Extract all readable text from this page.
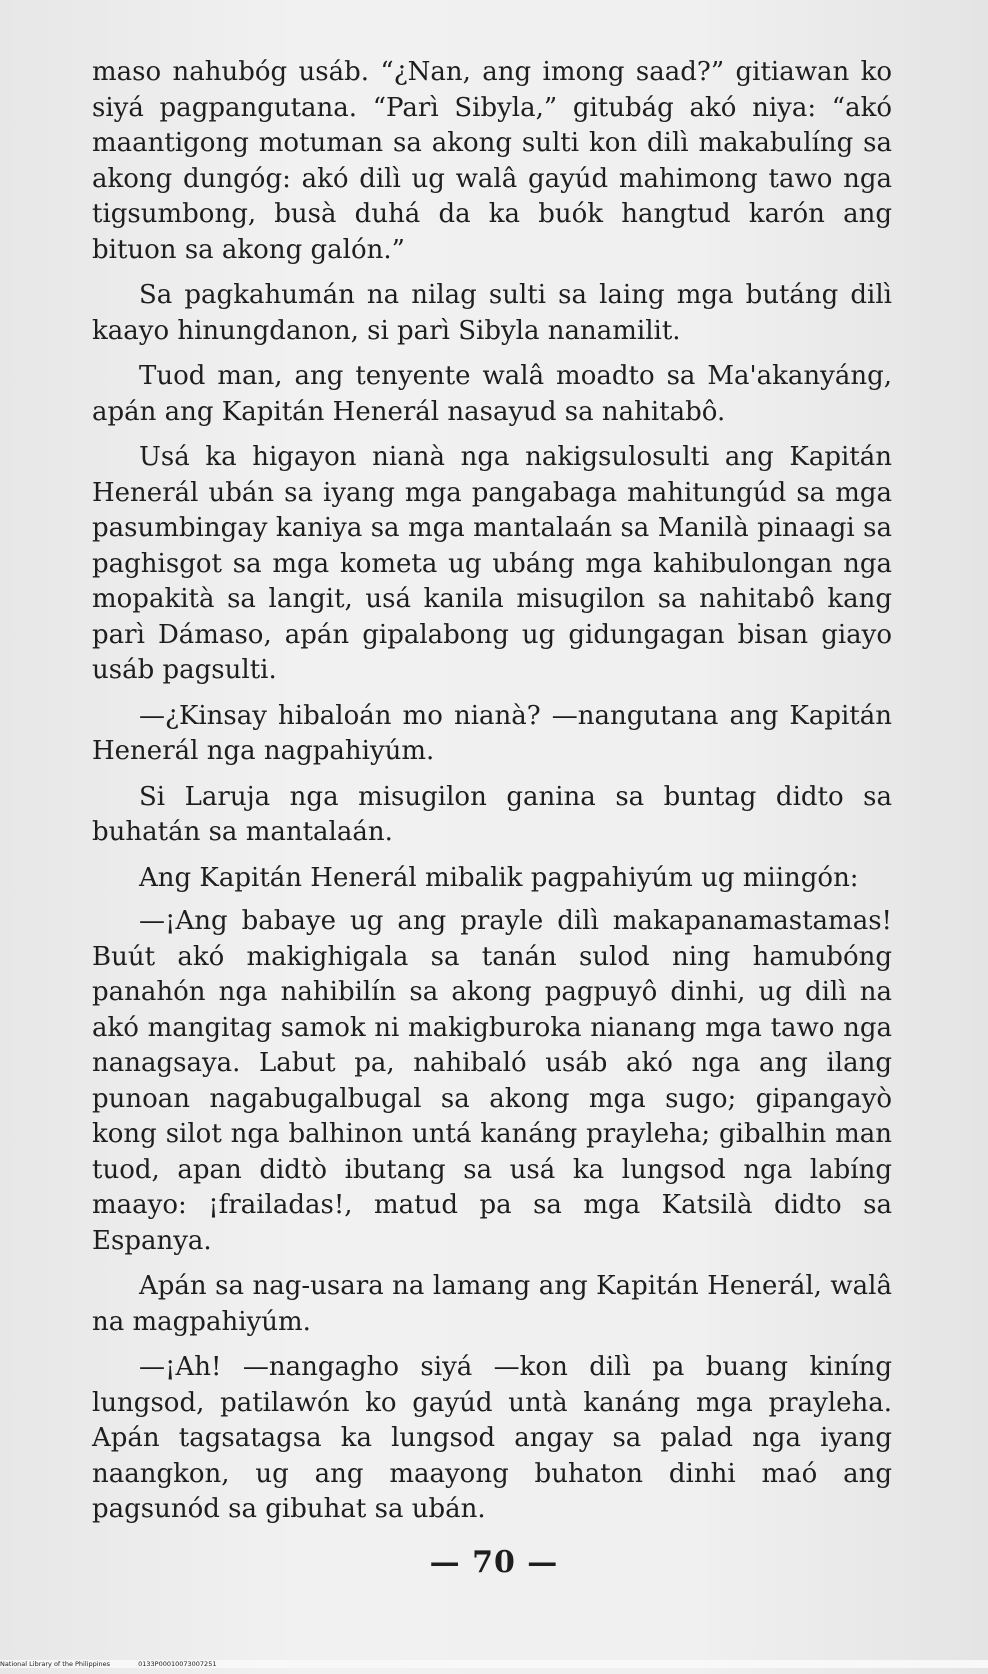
maso nahubóg usáb. “¿Nan, ang imong saad?” gitiawan ko siyá pagpangutana. “Parì Sibyla,” gitubág akó niya: “akó maantigong motuman sa akong sulti kon dilì makabulíng sa akong dungóg: akó dilì ug walâ gayúd mahimong tawo nga tigsumbong, busà duhá da ka buók hangtud karón ang bituon sa akong galón.”

Sa pagkahumán na nilag sulti sa laing mga butáng dilì kaayo hinungdanon, si parì Sibyla nanamilit.

Tuod man, ang tenyente walâ moadto sa Ma'akanyáng, apán ang Kapitán Henerál nasayud sa nahitabô.

Usá ka higayon nianà nga nakigsulosulti ang Kapitán Henerál ubán sa iyang mga pangabaga mahitungúd sa mga pasumbingay kaniya sa mga mantalaán sa Manilà pinaagi sa paghisgot sa mga kometa ug ubáng mga kahibulongan nga mopakità sa langit, usá kanila misugilon sa nahitabô kang parì Dámaso, apán gipalabong ug gidungagan bisan giayo usáb pagsulti.

—¿Kinsay hibaloán mo nianà? —nangutana ang Kapitán Henerál nga nagpahiyúm.

Si Laruja nga misugilon ganina sa buntag didto sa buhatán sa mantalaán.

Ang Kapitán Henerál mibalik pagpahiyúm ug miingón:

—¡Ang babaye ug ang prayle dilì makapanamastamas! Buút akó makighigala sa tanán sulod ning hamubóng panahón nga nahibilín sa akong pagpuyô dinhi, ug dilì na akó mangitag samok ni makigburoka nianang mga tawo nga nanagsaya. Labut pa, nahibaló usáb akó nga ang ilang punoan nagabugalbugal sa akong mga sugo; gipangayò kong silot nga balhinon untá kanáng prayleha; gibalhin man tuod, apan didtò ibutang sa usá ka lungsod nga labíng maayo: ¡frailadas!, matud pa sa mga Katsilà didto sa Espanya.

Apán sa nag-usara na lamang ang Kapitán Henerál, walâ na magpahiyúm.

—¡Ah! —nangagho siyá —kon dilì pa buang kiníng lungsod, patilawón ko gayúd untà kanáng mga prayleha. Apán tagsatagsa ka lungsod angay sa palad nga iyang naangkon, ug ang maayong buhaton dinhi maó ang pagsunód sa gibuhat sa ubán.

— 70 —
National Library of the Philippines	0133P00010073007251
